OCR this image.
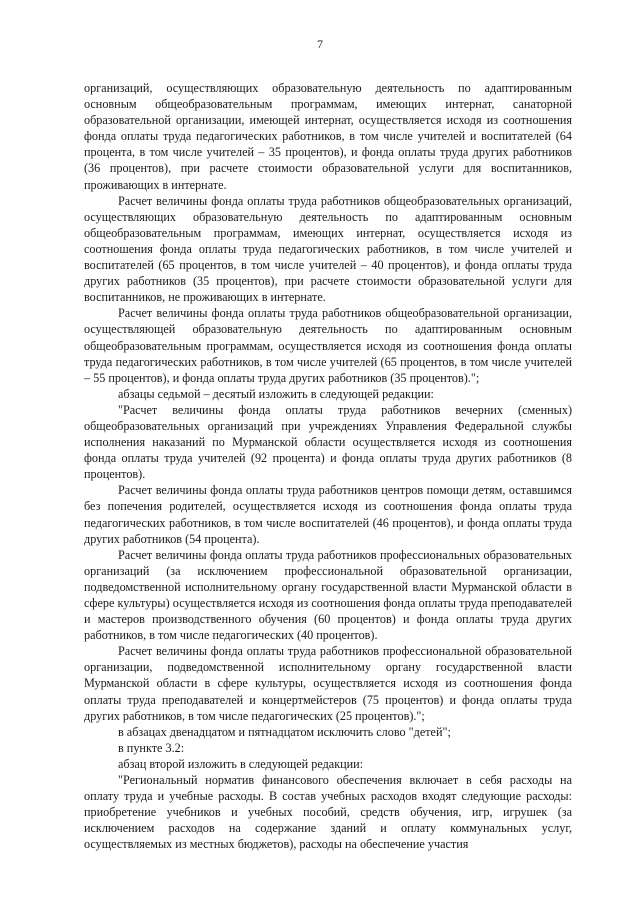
7

организаций, осуществляющих образовательную деятельность по адаптированным основным общеобразовательным программам, имеющих интернат, санаторной образовательной организации, имеющей интернат, осуществляется исходя из соотношения фонда оплаты труда педагогических работников, в том числе учителей и воспитателей (64 процента, в том числе учителей – 35 процентов), и фонда оплаты труда других работников (36 процентов), при расчете стоимости образовательной услуги для воспитанников, проживающих в интернате.

Расчет величины фонда оплаты труда работников общеобразовательных организаций, осуществляющих образовательную деятельность по адаптированным основным общеобразовательным программам, имеющих интернат, осуществляется исходя из соотношения фонда оплаты труда педагогических работников, в том числе учителей и воспитателей (65 процентов, в том числе учителей – 40 процентов), и фонда оплаты труда других работников (35 процентов), при расчете стоимости образовательной услуги для воспитанников, не проживающих в интернате.

Расчет величины фонда оплаты труда работников общеобразовательной организации, осуществляющей образовательную деятельность по адаптированным основным общеобразовательным программам, осуществляется исходя из соотношения фонда оплаты труда педагогических работников, в том числе учителей (65 процентов, в том числе учителей – 55 процентов), и фонда оплаты труда других работников (35 процентов).";

абзацы седьмой – десятый изложить в следующей редакции:

"Расчет величины фонда оплаты труда работников вечерних (сменных) общеобразовательных организаций при учреждениях Управления Федеральной службы исполнения наказаний по Мурманской области осуществляется исходя из соотношения фонда оплаты труда учителей (92 процента) и фонда оплаты труда других работников (8 процентов).

Расчет величины фонда оплаты труда работников центров помощи детям, оставшимся без попечения родителей, осуществляется исходя из соотношения фонда оплаты труда педагогических работников, в том числе воспитателей (46 процентов), и фонда оплаты труда других работников (54 процента).

Расчет величины фонда оплаты труда работников профессиональных образовательных организаций (за исключением профессиональной образовательной организации, подведомственной исполнительному органу государственной власти Мурманской области в сфере культуры) осуществляется исходя из соотношения фонда оплаты труда преподавателей и мастеров производственного обучения (60 процентов) и фонда оплаты труда других работников, в том числе педагогических (40 процентов).

Расчет величины фонда оплаты труда работников профессиональной образовательной организации, подведомственной исполнительному органу государственной власти Мурманской области в сфере культуры, осуществляется исходя из соотношения фонда оплаты труда преподавателей и концертмейстеров (75 процентов) и фонда оплаты труда других работников, в том числе педагогических (25 процентов).";

в абзацах двенадцатом и пятнадцатом исключить слово "детей";

в пункте 3.2:

абзац второй изложить в следующей редакции:

"Региональный норматив финансового обеспечения включает в себя расходы на оплату труда и учебные расходы. В состав учебных расходов входят следующие расходы: приобретение учебников и учебных пособий, средств обучения, игр, игрушек (за исключением расходов на содержание зданий и оплату коммунальных услуг, осуществляемых из местных бюджетов), расходы на обеспечение участия
